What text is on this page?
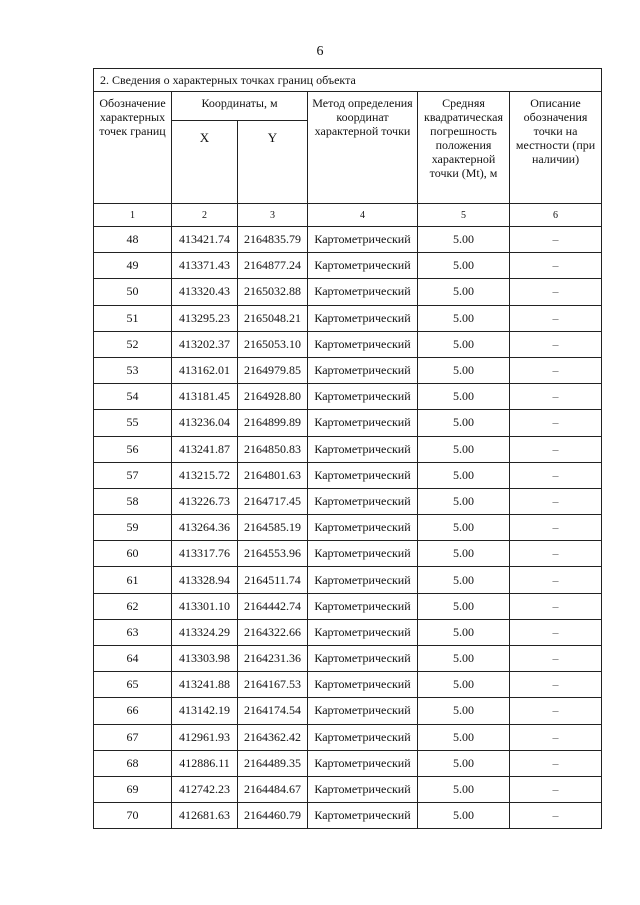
6
2. Сведения о характерных точках границ объекта					
Обозначение характерных точек границ	Координаты, м		Метод определения координат характерной точки	Средняя квадратическая погрешность положения характерной точки (Mt), м	Описание обозначения точки на местности (при наличии)
	X	Y			
1	2	3	4	5	6
48	413421.74	2164835.79	Картометрический	5.00	–
49	413371.43	2164877.24	Картометрический	5.00	–
50	413320.43	2165032.88	Картометрический	5.00	–
51	413295.23	2165048.21	Картометрический	5.00	–
52	413202.37	2165053.10	Картометрический	5.00	–
53	413162.01	2164979.85	Картометрический	5.00	–
54	413181.45	2164928.80	Картометрический	5.00	–
55	413236.04	2164899.89	Картометрический	5.00	–
56	413241.87	2164850.83	Картометрический	5.00	–
57	413215.72	2164801.63	Картометрический	5.00	–
58	413226.73	2164717.45	Картометрический	5.00	–
59	413264.36	2164585.19	Картометрический	5.00	–
60	413317.76	2164553.96	Картометрический	5.00	–
61	413328.94	2164511.74	Картометрический	5.00	–
62	413301.10	2164442.74	Картометрический	5.00	–
63	413324.29	2164322.66	Картометрический	5.00	–
64	413303.98	2164231.36	Картометрический	5.00	–
65	413241.88	2164167.53	Картометрический	5.00	–
66	413142.19	2164174.54	Картометрический	5.00	–
67	412961.93	2164362.42	Картометрический	5.00	–
68	412886.11	2164489.35	Картометрический	5.00	–
69	412742.23	2164484.67	Картометрический	5.00	–
70	412681.63	2164460.79	Картометрический	5.00	–
